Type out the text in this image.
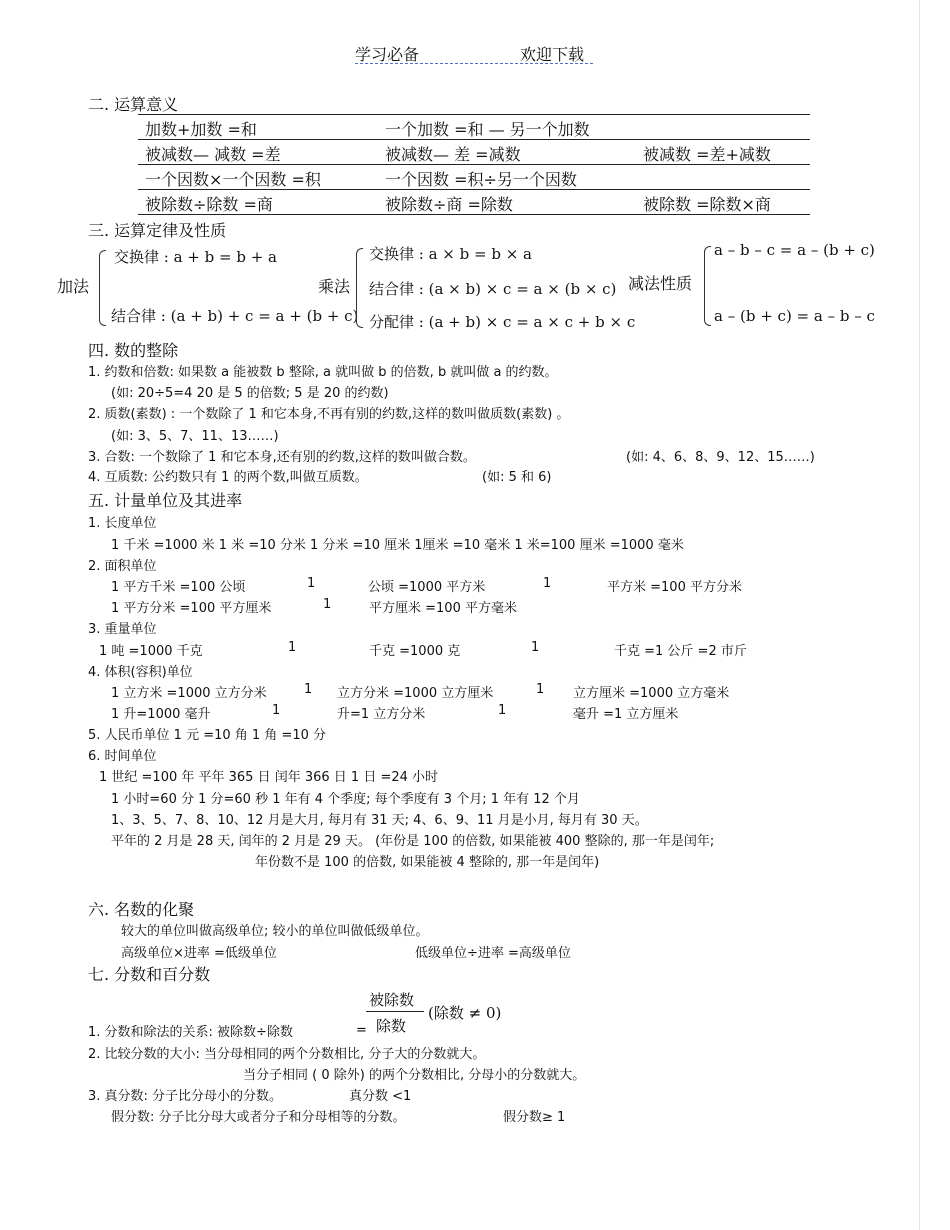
学习必备	欢迎下载
二. 运算意义
加数+加数 =和	一个加数 =和 — 另一个加数
被减数— 减数 =差	被减数— 差 =减数	被减数 =差+减数
一个因数×一个因数 =积	一个因数 =积÷另一个因数
被除数÷除数 =商	被除数÷商 =除数	被除数 =除数×商
三. 运算定律及性质
加法
交换律 : a + b = b + a
结合律 : (a + b) + c = a + (b + c)
乘法
交换律 : a × b = b × a
结合律 : (a × b) × c = a × (b × c)
分配律 : (a + b) × c = a × c + b × c
减法性质
a – b – c = a – (b + c)
a – (b + c) = a – b – c
四. 数的整除
1. 约数和倍数: 如果数 a 能被数 b 整除, a 就叫做 b 的倍数, b 就叫做 a 的约数。
(如: 20÷5=4 20 是 5 的倍数; 5 是 20 的约数)
2. 质数(素数) : 一个数除了 1 和它本身,不再有别的约数,这样的数叫做质数(素数) 。
(如: 3、5、7、11、13……)
3. 合数: 一个数除了 1 和它本身,还有别的约数,这样的数叫做合数。	(如: 4、6、8、9、12、15……)
4. 互质数: 公约数只有 1 的两个数,叫做互质数。	(如: 5 和 6)
五. 计量单位及其进率
1. 长度单位
1 千米 =1000 米 1 米 =10 分米 1 分米 =10 厘米 1厘米 =10 毫米 1 米=100 厘米 =1000 毫米
2. 面积单位
1 平方千米 =100 公顷	1	公顷 =1000 平方米	1	平方米 =100 平方分米
1 平方分米 =100 平方厘米	1	平方厘米 =100 平方毫米
3. 重量单位
1 吨 =1000 千克	1	千克 =1000 克	1	千克 =1 公斤 =2 市斤
4. 体积(容积)单位
1 立方米 =1000 立方分米	1 立方分米 =1000 立方厘米	1 立方厘米 =1000 立方毫米
1 升=1000 毫升	1	升=1 立方分米	1	毫升 =1 立方厘米
5. 人民币单位 1 元 =10 角 1 角 =10 分
6. 时间单位
1 世纪 =100 年 平年 365 日 闰年 366 日 1 日 =24 小时
1 小时=60 分 1 分=60 秒 1 年有 4 个季度; 每个季度有 3 个月; 1 年有 12 个月
1、3、5、7、8、10、12 月是大月, 每月有 31 天; 4、6、9、11 月是小月, 每月有 30 天。
平年的 2 月是 28 天, 闰年的 2 月是 29 天。 (年份是 100 的倍数, 如果能被 400 整除的, 那一年是闰年;
年份数不是 100 的倍数, 如果能被 4 整除的, 那一年是闰年)
六. 名数的化聚
较大的单位叫做高级单位; 较小的单位叫做低级单位。
高级单位×进率 =低级单位	低级单位÷进率 =高级单位
七. 分数和百分数
被除数
除数
(除数 ≠ 0)
1. 分数和除法的关系: 被除数÷除数	=
2. 比较分数的大小: 当分母相同的两个分数相比, 分子大的分数就大。
当分子相同 ( 0 除外) 的两个分数相比, 分母小的分数就大。
3. 真分数: 分子比分母小的分数。	真分数 <1
假分数: 分子比分母大或者分子和分母相等的分数。	假分数≥ 1
